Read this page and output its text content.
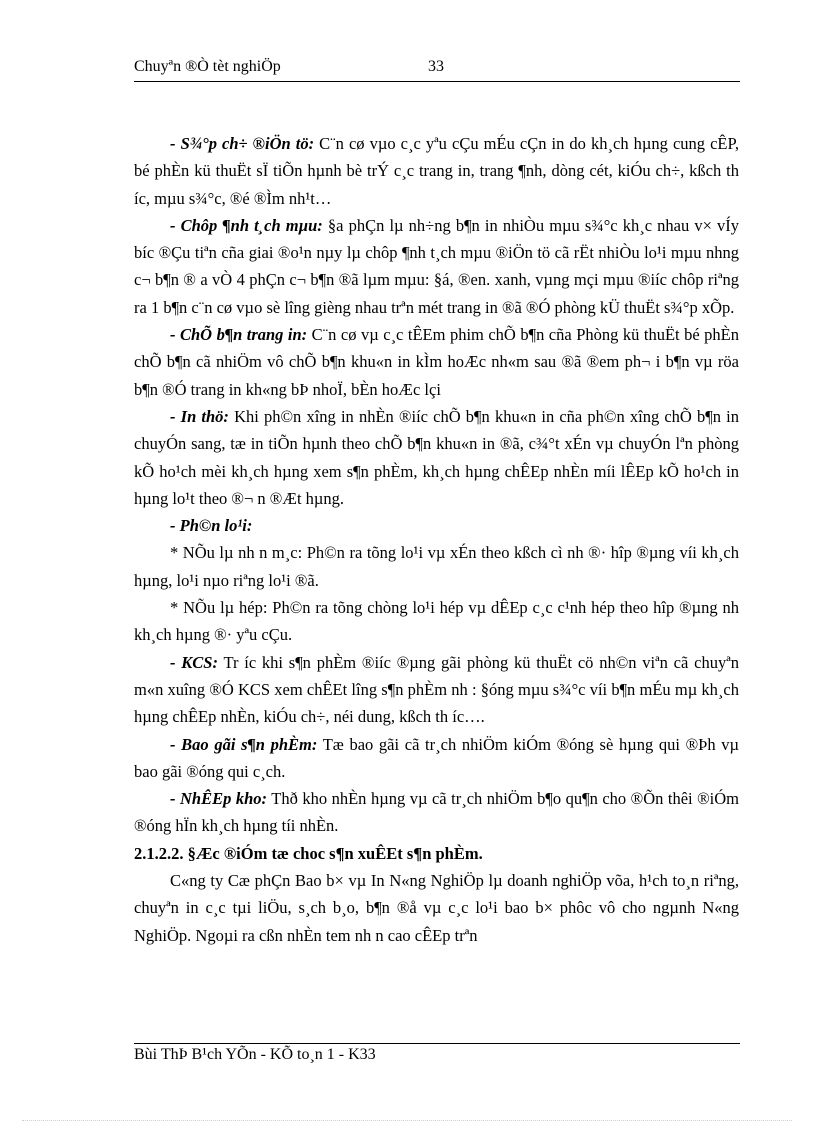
Chuyªn ®Ò tèt nghiÖp	33

- S¾°p ch÷ ®iÖn tö: C¨n cø vµo c¸c yªu cÇu mÉu cÇn in do kh¸ch hµng cung cÊP, bé phÈn kü thuËt sÏ tiÕn hµnh bè trÝ c¸c trang in, trang ¶nh, dòng cét, kiÓu ch÷, kßch th íc, mµu s¾°c, ®é ®Ìm nh¹t…

- Chôp ¶nh t¸ch mµu: §a phÇn lµ nh÷ng b¶n in nhiÒu mµu s¾°c kh¸c nhau v× vÍy bíc ®Çu tiªn cña giai ®o¹n nµy lµ chôp ¶nh t¸ch mµu ®iÖn tö cã rËt nhiÒu lo¹i mµu nhng c¬ b¶n ® a vÒ 4 phÇn c¬ b¶n ®ã lµm mµu: §á, ®en. xanh, vµng mçi mµu ®iíc chôp riªng ra 1 b¶n c¨n cø vµo sè lîng gièng nhau trªn mét trang in ®ã ®Ó phòng kÜ thuËt s¾°p xÕp.

- ChÕ b¶n trang in: C¨n cø vµ c¸c tÊEm phim chÕ b¶n cña Phòng kü thuËt bé phÈn chÕ b¶n cã nhiÖm vô chÕ b¶n khu«n in kÌm hoÆc nh«m sau ®ã ®em ph¬ i b¶n vµ röa b¶n ®Ó trang in kh«ng bÞ nhoÏ, bÈn hoÆc lçi

- In thö: Khi ph©n xîng in nhÈn ®iíc chÕ b¶n khu«n in cña ph©n xîng chÕ b¶n in chuyÓn sang, tæ in tiÕn hµnh theo chÕ b¶n khu«n in ®ã, c¾°t xÉn vµ chuyÓn lªn phòng kÕ ho¹ch mèi kh¸ch hµng xem s¶n phÈm, kh¸ch hµng chÊEp nhÈn míi lÊEp kÕ ho¹ch in hµng lo¹t theo ®¬ n ®Æt hµng.

- Ph©n lo¹i:

* NÕu lµ nh n m¸c: Ph©n ra tõng lo¹i vµ xÉn theo kßch cì nh ®· hîp ®µng víi kh¸ch hµng, lo¹i nµo riªng lo¹i ®ã.

* NÕu lµ hép: Ph©n ra tõng chòng lo¹i hép vµ dÊEp c¸c c¹nh hép theo hîp ®µng nh kh¸ch hµng ®· yªu cÇu.

- KCS: Tr íc khi s¶n phÈm ®iíc ®µng gãi phòng kü thuËt cö nh©n viªn cã chuyªn m«n xuîng ®Ó KCS xem chÊEt lîng s¶n phÈm nh : §óng mµu s¾°c víi b¶n mÉu mµ kh¸ch hµng chÊEp nhÈn, kiÓu ch÷, néi dung, kßch th íc….

- Bao gãi s¶n phÈm: Tæ bao gãi cã tr¸ch nhiÖm kiÓm ®óng sè hµng qui ®Þh vµ bao gãi ®óng qui c¸ch.

- NhÊEp kho: Thð kho nhÈn hµng vµ cã tr¸ch nhiÖm b¶o qu¶n cho ®Õn thêi ®iÓm ®óng hÏn kh¸ch hµng tíi nhÈn.

2.1.2.2. §Æc ®iÓm tæ choc s¶n xuÊEt s¶n phÈm.

C«ng ty Cæ phÇn Bao b× vµ In N«ng NghiÖp lµ doanh nghiÖp võa, h¹ch to¸n riªng, chuyªn in c¸c tµi liÖu, s¸ch b¸o, b¶n ®å vµ c¸c lo¹i bao b× phôc vô cho ngµnh N«ng NghiÖp. Ngoµi ra cßn nhÈn tem nh n cao cÊEp trªn

Bùi ThÞ B¹ch YÕn - KÕ to¸n 1 - K33
